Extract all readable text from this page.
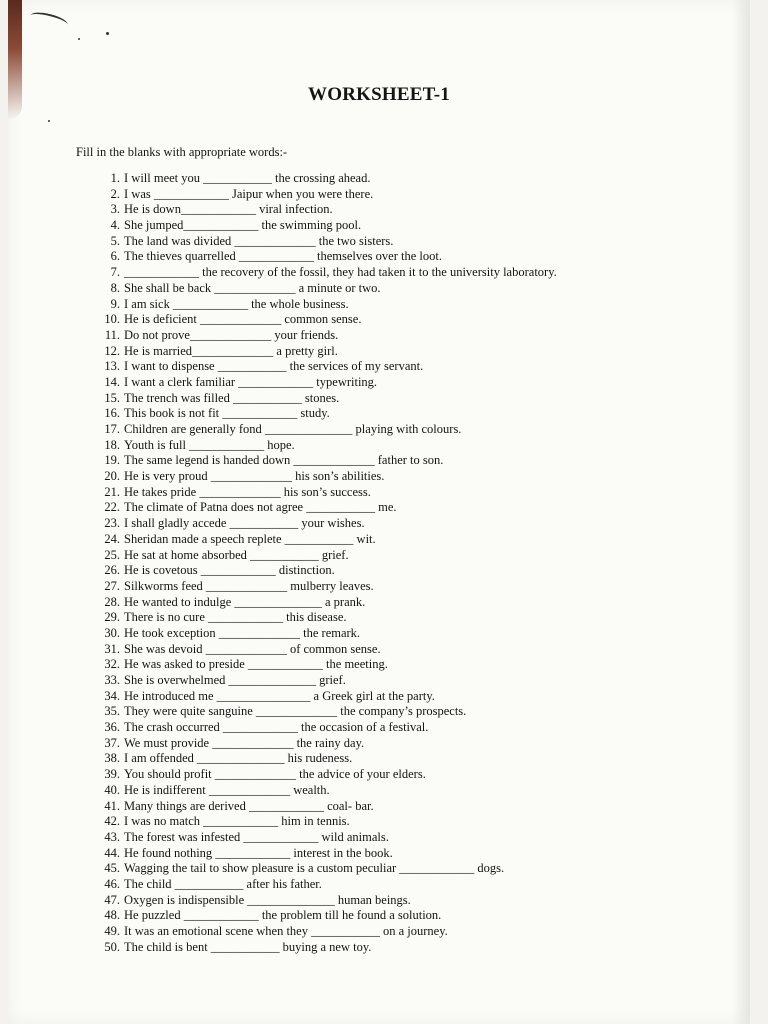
WORKSHEET-1
Fill in the blanks with appropriate words:-
1. I will meet you ___________ the crossing ahead.
2. I was ____________ Jaipur when you were there.
3. He is down____________ viral infection.
4. She jumped____________ the swimming pool.
5. The land was divided _____________ the two sisters.
6. The thieves quarrelled ____________ themselves over the loot.
7. ____________ the recovery of the fossil, they had taken it to the university laboratory.
8. She shall be back _____________ a minute or two.
9. I am sick ____________ the whole business.
10. He is deficient _____________ common sense.
11. Do not prove_____________ your friends.
12. He is married_____________ a pretty girl.
13. I want to dispense ___________ the services of my servant.
14. I want a clerk familiar ____________ typewriting.
15. The trench was filled ___________ stones.
16. This book is not fit ____________ study.
17. Children are generally fond ______________ playing with colours.
18. Youth is full ____________ hope.
19. The same legend is handed down _____________ father to son.
20. He is very proud _____________ his son’s abilities.
21. He takes pride _____________ his son’s success.
22. The climate of Patna does not agree ___________ me.
23. I shall gladly accede ___________ your wishes.
24. Sheridan made a speech replete ___________ wit.
25. He sat at home absorbed ___________ grief.
26. He is covetous ____________ distinction.
27. Silkworms feed _____________ mulberry leaves.
28. He wanted to indulge ______________ a prank.
29. There is no cure ____________ this disease.
30. He took exception _____________ the remark.
31. She was devoid _____________ of common sense.
32. He was asked to preside ____________ the meeting.
33. She is overwhelmed ______________ grief.
34. He introduced me _______________ a Greek girl at the party.
35. They were quite sanguine _____________ the company’s prospects.
36. The crash occurred ____________ the occasion of a festival.
37. We must provide _____________ the rainy day.
38. I am offended ______________ his rudeness.
39. You should profit _____________ the advice of your elders.
40. He is indifferent _____________ wealth.
41. Many things are derived ____________ coal- bar.
42. I was no match ____________ him in tennis.
43. The forest was infested ____________ wild animals.
44. He found nothing ____________ interest in the book.
45. Wagging the tail to show pleasure is a custom peculiar ____________ dogs.
46. The child ___________ after his father.
47. Oxygen is indispensible ______________ human beings.
48. He puzzled ____________ the problem till he found a solution.
49. It was an emotional scene when they ___________ on a journey.
50. The child is bent ___________ buying a new toy.
